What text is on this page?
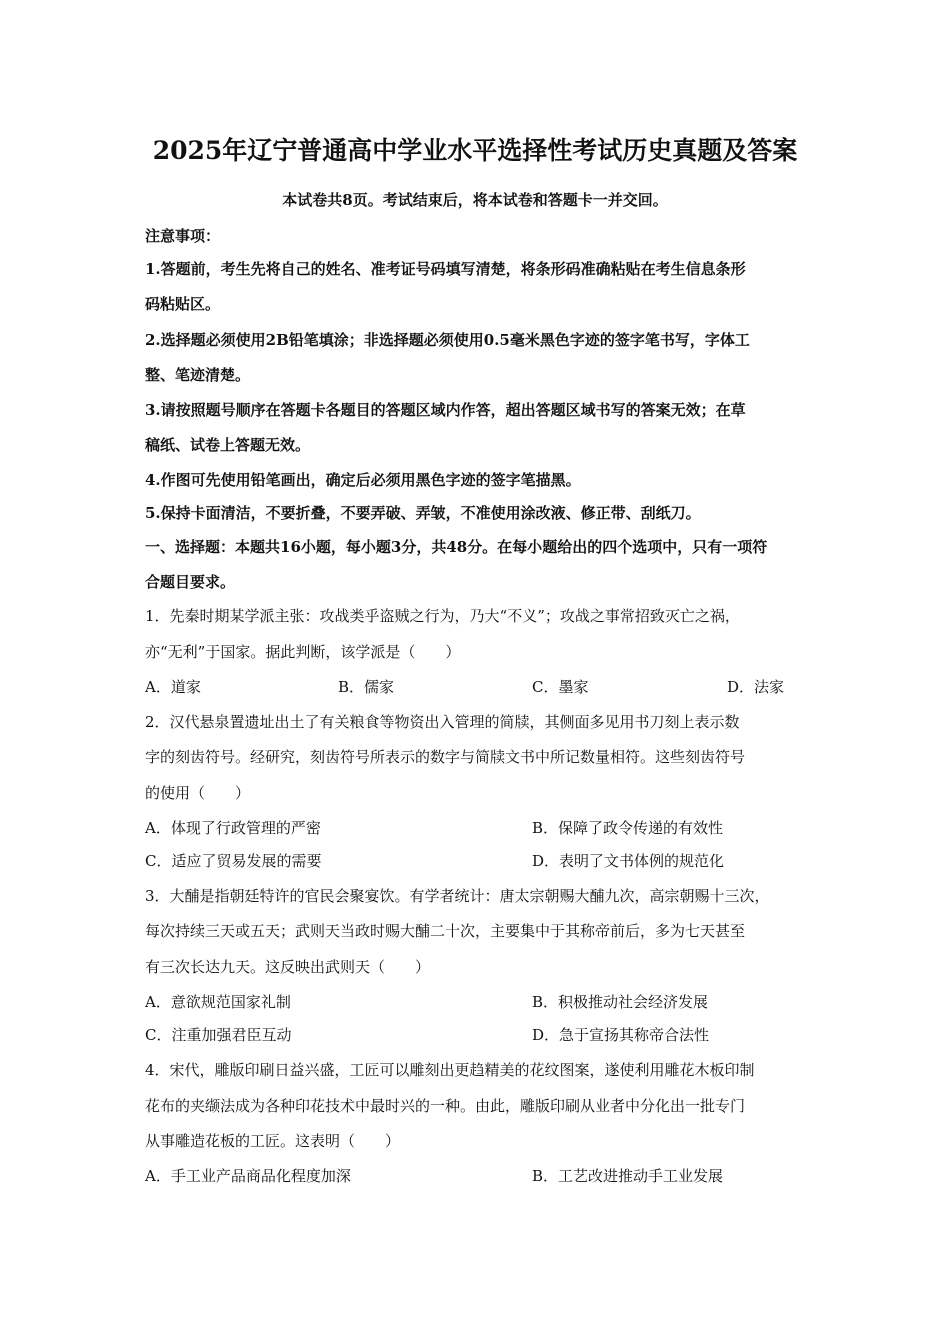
2025年辽宁普通高中学业水平选择性考试历史真题及答案
本试卷共8页。考试结束后，将本试卷和答题卡一并交回。
注意事项：
1.答题前，考生先将自己的姓名、准考证号码填写清楚，将条形码准确粘贴在考生信息条形
码粘贴区。
2.选择题必须使用2B铅笔填涂；非选择题必须使用0.5毫米黑色字迹的签字笔书写，字体工
整、笔迹清楚。
3.请按照题号顺序在答题卡各题目的答题区域内作答，超出答题区域书写的答案无效；在草
稿纸、试卷上答题无效。
4.作图可先使用铅笔画出，确定后必须用黑色字迹的签字笔描黑。
5.保持卡面清洁，不要折叠，不要弄破、弄皱，不准使用涂改液、修正带、刮纸刀。
一、选择题：本题共16小题，每小题3分，共48分。在每小题给出的四个选项中，只有一项符
合题目要求。
1．先秦时期某学派主张：攻战类乎盗贼之行为，乃大“不义”；攻战之事常招致灭亡之祸，
亦“无利”于国家。据此判断，该学派是（　　）
A．道家	B．儒家	C．墨家	D．法家
2．汉代悬泉置遗址出土了有关粮食等物资出入管理的简牍，其侧面多见用书刀刻上表示数
字的刻齿符号。经研究，刻齿符号所表示的数字与简牍文书中所记数量相符。这些刻齿符号
的使用（　　）
A．体现了行政管理的严密	B．保障了政令传递的有效性
C．适应了贸易发展的需要	D．表明了文书体例的规范化
3．大酺是指朝廷特许的官民会聚宴饮。有学者统计：唐太宗朝赐大酺九次，高宗朝赐十三次，
每次持续三天或五天；武则天当政时赐大酺二十次，主要集中于其称帝前后，多为七天甚至
有三次长达九天。这反映出武则天（　　）
A．意欲规范国家礼制	B．积极推动社会经济发展
C．注重加强君臣互动	D．急于宣扬其称帝合法性
4．宋代，雕版印刷日益兴盛，工匠可以雕刻出更趋精美的花纹图案，遂使利用雕花木板印制
花布的夹缬法成为各种印花技术中最时兴的一种。由此，雕版印刷从业者中分化出一批专门
从事雕造花板的工匠。这表明（　　）
A．手工业产品商品化程度加深	B．工艺改进推动手工业发展
